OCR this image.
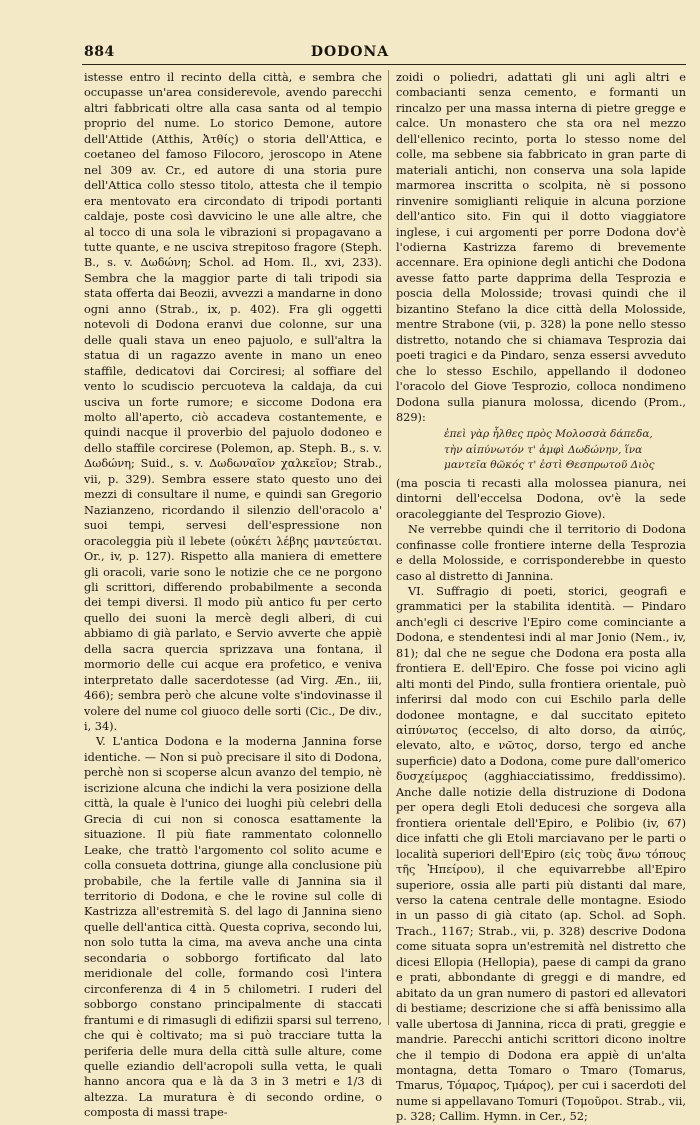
884	DODONA

istesse entro il recinto della città, e sembra che occupasse un'area considerevole, avendo parecchi altri fabbricati oltre alla casa santa od al tempio proprio del nume. Lo storico Demone, autore dell'Attide (Atthis, Ἀτθίς) o storia dell'Attica, e coetaneo del famoso Filocoro, jeroscopo in Atene nel 309 av. Cr., ed autore di una storia pure dell'Attica collo stesso titolo, attesta che il tempio era mentovato era circondato di tripodi portanti caldaje, poste così davvicino le une alle altre, che al tocco di una sola le vibrazioni si propagavano a tutte quante, e ne usciva strepitoso fragore (Steph. B., s. v. Δωδώνη; Schol. ad Hom. Il., xvi, 233). Sembra che la maggior parte di tali tripodi sia stata offerta dai Beozii, avvezzi a mandarne in dono ogni anno (Strab., ix, p. 402). Fra gli oggetti notevoli di Dodona eranvi due colonne, sur una delle quali stava un eneo pajuolo, e sull'altra la statua di un ragazzo avente in mano un eneo staffile, dedicatovi dai Corciresi; al soffiare del vento lo scudiscio percuoteva la caldaja, da cui usciva un forte rumore; e siccome Dodona era molto all'aperto, ciò accadeva costantemente, e quindi nacque il proverbio del pajuolo dodoneo e dello staffile corcirese (Polemon, ap. Steph. B., s. v. Δωδώνη; Suid., s. v. Δωδωναῖον χαλκεῖον; Strab., vii, p. 329). Sembra essere stato questo uno dei mezzi di consultare il nume, e quindi san Gregorio Nazianzeno, ricordando il silenzio dell'oracolo a' suoi tempi, servesi dell'espressione non oracoleggia più il lebete (οὐκέτι λέβης μαντεύεται. Or., iv, p. 127). Rispetto alla maniera di emettere gli oracoli, varie sono le notizie che ce ne porgono gli scrittori, differendo probabilmente a seconda dei tempi diversi. Il modo più antico fu per certo quello dei suoni la mercè degli alberi, di cui abbiamo di già parlato, e Servio avverte che appiè della sacra quercia sprizzava una fontana, il mormorio delle cui acque era profetico, e veniva interpretato dalle sacerdotesse (ad Virg. Æn., iii, 466); sembra però che alcune volte s'indovinasse il volere del nume col giuoco delle sorti (Cic., De div., i, 34).

V. L'antica Dodona e la moderna Jannina forse identiche. — Non si può precisare il sito di Dodona, perchè non si scoperse alcun avanzo del tempio, nè iscrizione alcuna che indichi la vera posizione della città, la quale è l'unico dei luoghi più celebri della Grecia di cui non si conosca esattamente la situazione. Il più fiate rammentato colonnello Leake, che trattò l'argomento col solito acume e colla consueta dottrina, giunge alla conclusione più probabile, che la fertile valle di Jannina sia il territorio di Dodona, e che le rovine sul colle di Kastrizza all'estremità S. del lago di Jannina sieno quelle dell'antica città. Questa copriva, secondo lui, non solo tutta la cima, ma aveva anche una cinta secondaria o sobborgo fortificato dal lato meridionale del colle, formando così l'intera circonferenza di 4 in 5 chilometri. I ruderi del sobborgo constano principalmente di staccati frantumi e di rimasugli di edifizii sparsi sul terreno, che qui è coltivato; ma si può tracciare tutta la periferia delle mura della città sulle alture, come quelle eziandio dell'acropoli sulla vetta, le quali hanno ancora qua e là da 3 in 3 metri e 1/3 di altezza. La muratura è di secondo ordine, o composta di massi trape-

zoidi o poliedri, adattati gli uni agli altri e combacianti senza cemento, e formanti un rincalzo per una massa interna di pietre gregge e calce. Un monastero che sta ora nel mezzo dell'ellenico recinto, porta lo stesso nome del colle, ma sebbene sia fabbricato in gran parte di materiali antichi, non conserva una sola lapide marmorea inscritta o scolpita, nè si possono rinvenire somiglianti reliquie in alcuna porzione dell'antico sito. Fin qui il dotto viaggiatore inglese, i cui argomenti per porre Dodona dov'è l'odierna Kastrizza faremo di brevemente accennare. Era opinione degli antichi che Dodona avesse fatto parte dapprima della Tesprozia e poscia della Molosside; trovasi quindi che il bizantino Stefano la dice città della Molosside, mentre Strabone (vii, p. 328) la pone nello stesso distretto, notando che si chiamava Tesprozia dai poeti tragici e da Pindaro, senza essersi avveduto che lo stesso Eschilo, appellando il dodoneo l'oracolo del Giove Tesprozio, colloca nondimeno Dodona sulla pianura molossa, dicendo (Prom., 829):

ἐπεὶ γὰρ ἦλθες πρὸς Μολοσσὰ δάπεδα,
τὴν αἰπύνωτόν τ' ἀμφὶ Δωδώνην, ἵνα
μαντεῖα θῶκός τ' ἐστὶ Θεσπρωτοῦ Διὸς

(ma poscia ti recasti alla molossea pianura, nei dintorni dell'eccelsa Dodona, ov'è la sede oracoleggiante del Tesprozio Giove).

Ne verrebbe quindi che il territorio di Dodona confinasse colle frontiere interne della Tesprozia e della Molosside, e corrisponderebbe in questo caso al distretto di Jannina.

VI. Suffragio di poeti, storici, geografi e grammatici per la stabilita identità. — Pindaro anch'egli ci descrive l'Epiro come cominciante a Dodona, e stendentesi indi al mar Jonio (Nem., iv, 81); dal che ne segue che Dodona era posta alla frontiera E. dell'Epiro. Che fosse poi vicino agli alti monti del Pindo, sulla frontiera orientale, può inferirsi dal modo con cui Eschilo parla delle dodonee montagne, e dal succitato epiteto αἰπύνωτος (eccelso, di alto dorso, da αἰπύς, elevato, alto, e νῶτος, dorso, tergo ed anche superficie) dato a Dodona, come pure dall'omerico δυσχείμερος (agghiacciatissimo, freddissimo). Anche dalle notizie della distruzione di Dodona per opera degli Etoli deducesi che sorgeva alla frontiera orientale dell'Epiro, e Polibio (iv, 67) dice infatti che gli Etoli marciavano per le parti o località superiori dell'Epiro (εἰς τοὺς ἄνω τόπους τῆς Ἠπείρου), il che equivarrebbe all'Epiro superiore, ossia alle parti più distanti dal mare, verso la catena centrale delle montagne. Esiodo in un passo di già citato (ap. Schol. ad Soph. Trach., 1167; Strab., vii, p. 328) descrive Dodona come situata sopra un'estremità nel distretto che dicesi Ellopia (Hellopia), paese di campi da grano e prati, abbondante di greggi e di mandre, ed abitato da un gran numero di pastori ed allevatori di bestiame; descrizione che si affà benissimo alla valle ubertosa di Jannina, ricca di prati, greggie e mandrie. Parecchi antichi scrittori dicono inoltre che il tempio di Dodona era appiè di un'alta montagna, detta Tomaro o Tmaro (Tomarus, Tmarus, Τόμαρος, Τμάρος), per cui i sacerdoti del nume si appellavano Tomuri (Τομοῦροι. Strab., vii, p. 328; Callim. Hymn. in Cer., 52;
